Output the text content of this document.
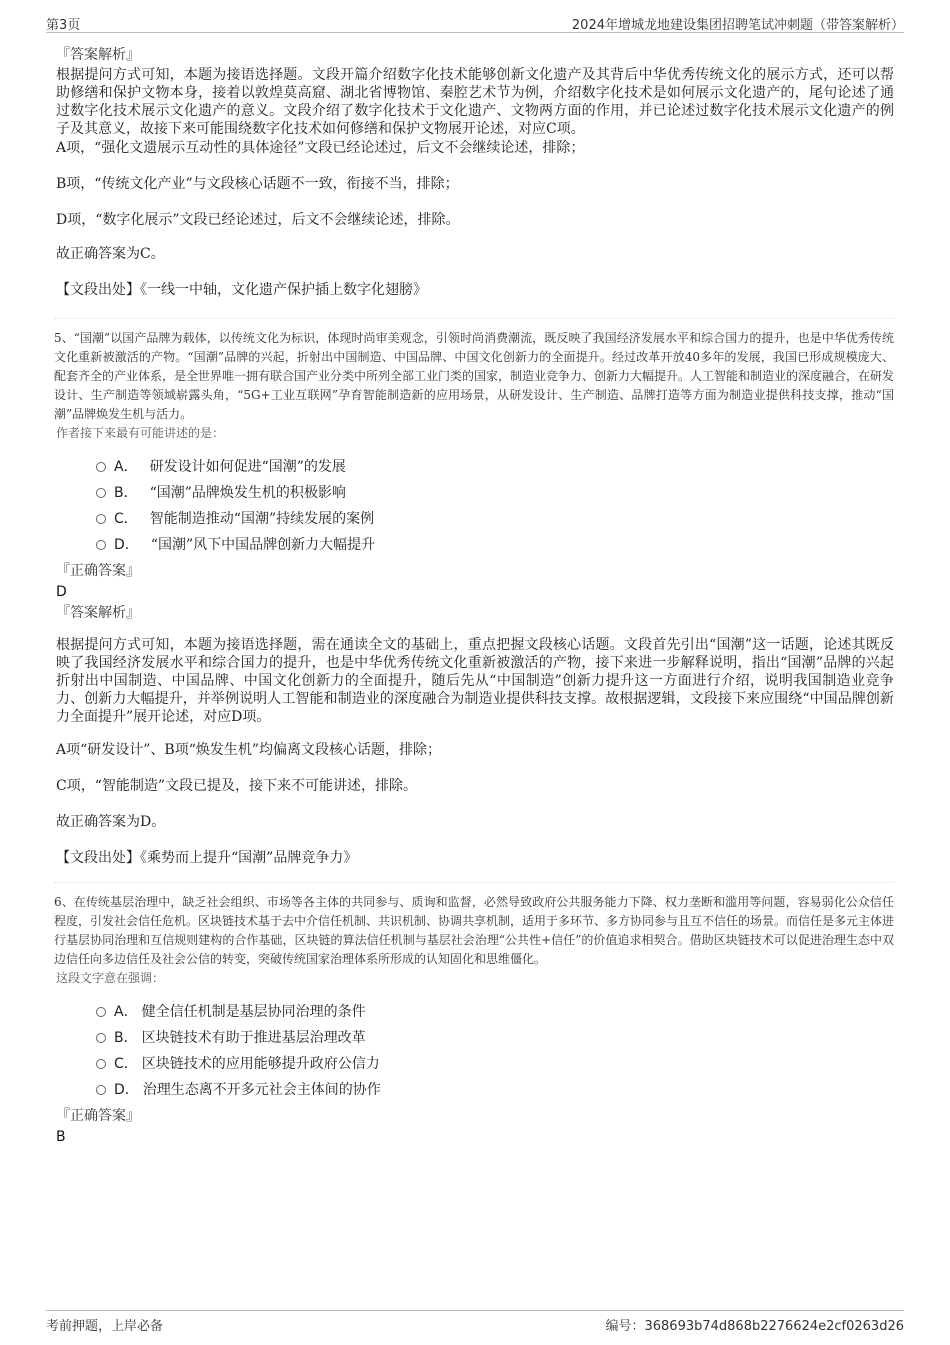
第3页	2024年增城龙地建设集团招聘笔试冲刺题（带答案解析）

『答案解析』

根据提问方式可知，本题为接语选择题。文段开篇介绍数字化技术能够创新文化遗产及其背后中华优秀传统文化的展示方式，还可以帮助修缮和保护文物本身，接着以敦煌莫高窟、湖北省博物馆、秦腔艺术节为例，介绍数字化技术是如何展示文化遗产的，尾句论述了通过数字化技术展示文化遗产的意义。文段介绍了数字化技术于文化遗产、文物两方面的作用，并已论述过数字化技术展示文化遗产的例子及其意义，故接下来可能围绕数字化技术如何修缮和保护文物展开论述，对应C项。

A项，“强化文遗展示互动性的具体途径”文段已经论述过，后文不会继续论述，排除；

B项，“传统文化产业”与文段核心话题不一致，衔接不当，排除；

D项，“数字化展示”文段已经论述过，后文不会继续论述，排除。

故正确答案为C。

【文段出处】《一线一中轴，文化遗产保护插上数字化翅膀》

5、“国潮”以国产品牌为载体，以传统文化为标识，体现时尚审美观念，引领时尚消费潮流，既反映了我国经济发展水平和综合国力的提升，也是中华优秀传统文化重新被激活的产物。“国潮”品牌的兴起，折射出中国制造、中国品牌、中国文化创新力的全面提升。经过改革开放40多年的发展，我国已形成规模庞大、配套齐全的产业体系，是全世界唯一拥有联合国产业分类中所列全部工业门类的国家，制造业竞争力、创新力大幅提升。人工智能和制造业的深度融合，在研发设计、生产制造等领域崭露头角，“5G+工业互联网”孕育智能制造新的应用场景，从研发设计、生产制造、品牌打造等方面为制造业提供科技支撑，推动“国潮”品牌焕发生机与活力。

作者接下来最有可能讲述的是：

A． 研发设计如何促进“国潮”的发展
B． “国潮”品牌焕发生机的积极影响
C． 智能制造推动“国潮”持续发展的案例
D． “国潮”风下中国品牌创新力大幅提升

『正确答案』

D

『答案解析』

根据提问方式可知，本题为接语选择题，需在通读全文的基础上，重点把握文段核心话题。文段首先引出“国潮”这一话题，论述其既反映了我国经济发展水平和综合国力的提升，也是中华优秀传统文化重新被激活的产物，接下来进一步解释说明，指出“国潮”品牌的兴起折射出中国制造、中国品牌、中国文化创新力的全面提升，随后先从“中国制造”创新力提升这一方面进行介绍，说明我国制造业竞争力、创新力大幅提升，并举例说明人工智能和制造业的深度融合为制造业提供科技支撑。故根据逻辑，文段接下来应围绕“中国品牌创新力全面提升”展开论述，对应D项。

A项“研发设计”、B项“焕发生机”均偏离文段核心话题，排除；

C项，“智能制造”文段已提及，接下来不可能讲述，排除。

故正确答案为D。

【文段出处】《乘势而上提升“国潮”品牌竞争力》

6、在传统基层治理中，缺乏社会组织、市场等各主体的共同参与、质询和监督，必然导致政府公共服务能力下降、权力垄断和滥用等问题，容易弱化公众信任程度，引发社会信任危机。区块链技术基于去中介信任机制、共识机制、协调共享机制，适用于多环节、多方协同参与且互不信任的场景。而信任是多元主体进行基层协同治理和互信规则建构的合作基础，区块链的算法信任机制与基层社会治理“公共性+信任”的价值追求相契合。借助区块链技术可以促进治理生态中双边信任向多边信任及社会公信的转变，突破传统国家治理体系所形成的认知固化和思维僵化。

这段文字意在强调：

A． 健全信任机制是基层协同治理的条件
B． 区块链技术有助于推进基层治理改革
C． 区块链技术的应用能够提升政府公信力
D． 治理生态离不开多元社会主体间的协作

『正确答案』

B

考前押题，上岸必备	编号：368693b74d868b2276624e2cf0263d26
